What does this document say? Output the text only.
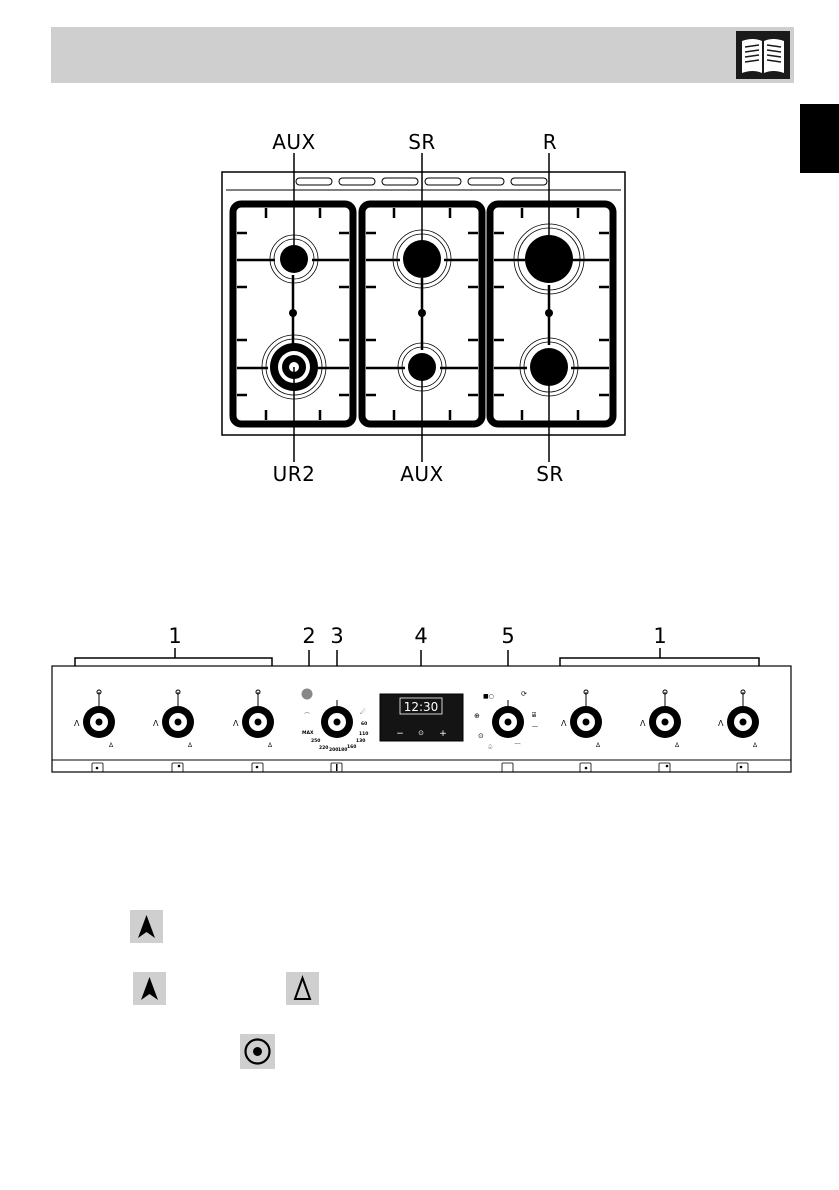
AUX	SR	R
UR2	AUX	SR
1	2 3	4	5	1
Λ
Δ
Λ
Δ
Λ
Δ
Λ
Δ
Λ
Δ
Λ
Δ
⌒
MAX
250
220 200 180
160
130
110
60
☄	12:30
− ⊙ +
■○	⟳
⊕	⍯
—
⊙
♤	⌒
